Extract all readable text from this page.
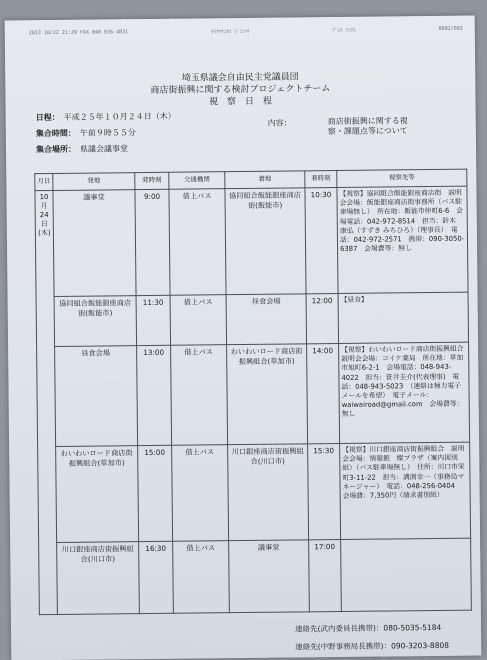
2013 10/22 21:29 FAX 048 836 4831	ｻｲﾀﾏｹﾝｶｲ ｼﾞﾐﾝﾄｳ	ﾃﾞﾝﾜ ﾌｧｸｽ	0002/003
埼玉県議会自由民主党議員団
商店街振興に関する検討プロジェクトチーム
視　察　日　程
日程： 平成２５年１０月２４日（木）
集合時間： 午前９時５５分
集合場所： 県議会議事堂
内容：	商店街振興に関する視察・課題点等について
月日	発地	発時刻	交通機関	着地	着時刻	視察先等
10月24日(木)	議事堂	9:00	借上バス	協同組合飯能銀座商店街(飯能市)	10:30	【視察】協同組合飯能銀座商店街　説明会会場：飯能銀座商店街事務所（バス駐車場無し）　所在地：飯能市仲町6-6　会場電話：042-972-8514　担当：鈴木 康弘（すずき みちひろ）（理事長）　電話：042-972-2571　携帯：090-3050-6387　会場費等：無し
	協同組合飯能銀座商店街(飯能市)	11:30	借上バス	昼食会場	12:00	【昼食】
	昼食会場	13:00	借上バス	わいわいロード商店街振興組合(草加市)	14:00	【視察】わいわいロード商店街振興組合　説明会会場：コイケ薬局　所在地：草加市旭町6-2-1　会場電話：048-943-4022　担当：笹井圭介(代表理事)　電話：048-943-5023　（連絡は極力電子メールを希望）　電子メール：　waiwairoad@gmail.com　会場費等：無し
	わいわいロード商店街振興組合(草加市)	15:00	借上バス	川口銀座商店街振興組合(川口市)	15:30	【視察】川口銀座商店街振興組合　説明会会場：情報館　燦プラザ（案内図別紙）（バス駐車場無し）　住所：川口市栄町3-11-22　担当：溝渕幸一（事務局マネージャー）　電話：048-256-0404　会場費：7,350円（請求書別紙）
	川口銀座商店街振興組合(川口市)	16:30	借上バス	議事堂	17:00	
連絡先(武内委員長携帯)：080-5035-5184
連絡先(中野事務局長携帯)：090-3203-8808
